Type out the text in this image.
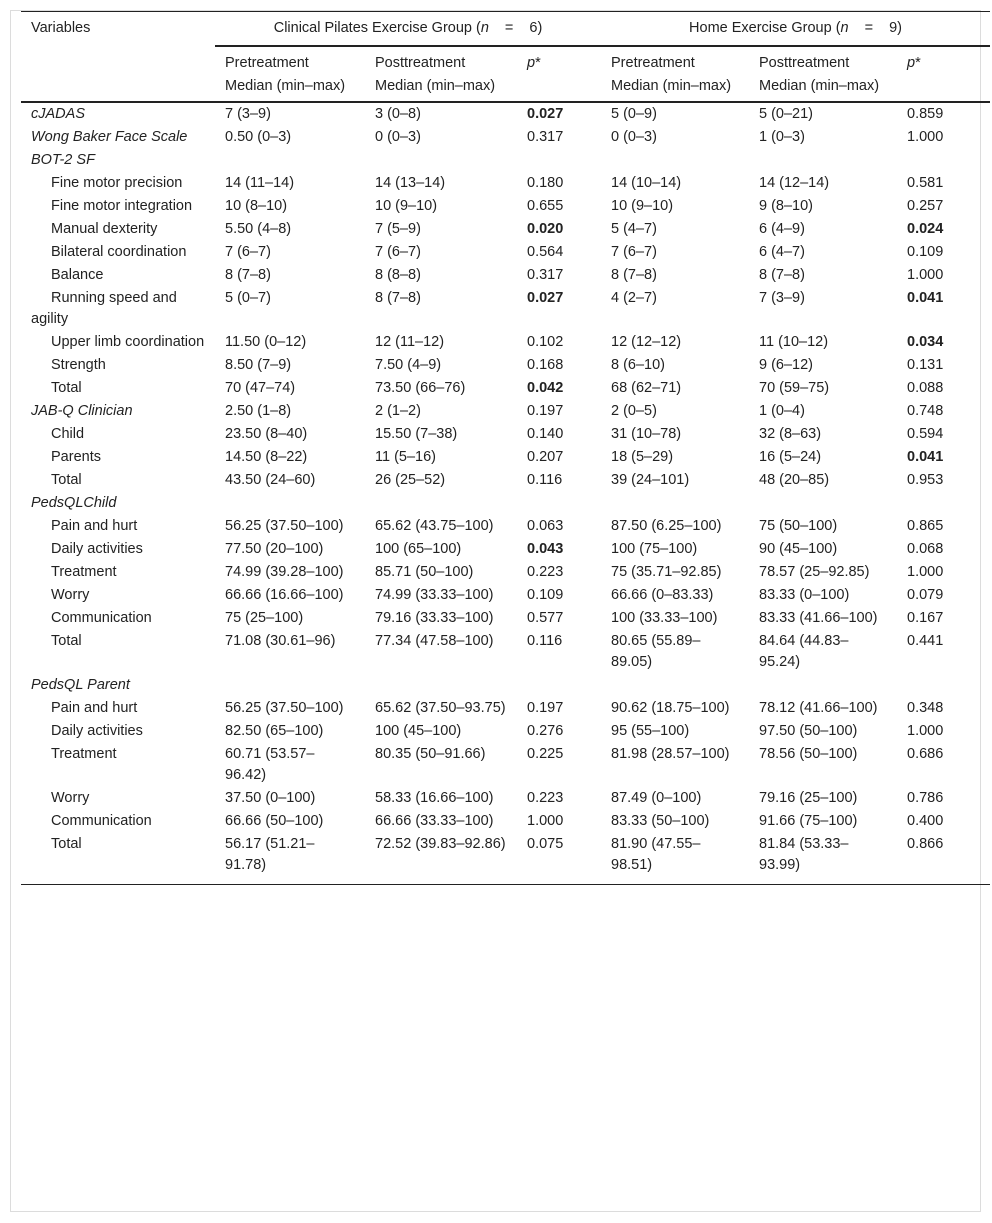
Variables	Clinical Pilates Exercise Group (n = 6)			Home Exercise Group (n = 9)		
	Pretreatment	Posttreatment	p*	Pretreatment	Posttreatment	p*
	Median (min–max)	Median (min–max)		Median (min–max)	Median (min–max)	
cJADAS	7 (3–9)	3 (0–8)	0.027	5 (0–9)	5 (0–21)	0.859
Wong Baker Face Scale	0.50 (0–3)	0 (0–3)	0.317	0 (0–3)	1 (0–3)	1.000
BOT-2 SF						
Fine motor precision	14 (11–14)	14 (13–14)	0.180	14 (10–14)	14 (12–14)	0.581
Fine motor integration	10 (8–10)	10 (9–10)	0.655	10 (9–10)	9 (8–10)	0.257
Manual dexterity	5.50 (4–8)	7 (5–9)	0.020	5 (4–7)	6 (4–9)	0.024
Bilateral coordination	7 (6–7)	7 (6–7)	0.564	7 (6–7)	6 (4–7)	0.109
Balance	8 (7–8)	8 (8–8)	0.317	8 (7–8)	8 (7–8)	1.000
Running speed and agility	5 (0–7)	8 (7–8)	0.027	4 (2–7)	7 (3–9)	0.041
Upper limb coordination	11.50 (0–12)	12 (11–12)	0.102	12 (12–12)	11 (10–12)	0.034
Strength	8.50 (7–9)	7.50 (4–9)	0.168	8 (6–10)	9 (6–12)	0.131
Total	70 (47–74)	73.50 (66–76)	0.042	68 (62–71)	70 (59–75)	0.088
JAB-Q Clinician	2.50 (1–8)	2 (1–2)	0.197	2 (0–5)	1 (0–4)	0.748
Child	23.50 (8–40)	15.50 (7–38)	0.140	31 (10–78)	32 (8–63)	0.594
Parents	14.50 (8–22)	11 (5–16)	0.207	18 (5–29)	16 (5–24)	0.041
Total	43.50 (24–60)	26 (25–52)	0.116	39 (24–101)	48 (20–85)	0.953
PedsQLChild						
Pain and hurt	56.25 (37.50–100)	65.62 (43.75–100)	0.063	87.50 (6.25–100)	75 (50–100)	0.865
Daily activities	77.50 (20–100)	100 (65–100)	0.043	100 (75–100)	90 (45–100)	0.068
Treatment	74.99 (39.28–100)	85.71 (50–100)	0.223	75 (35.71–92.85)	78.57 (25–92.85)	1.000
Worry	66.66 (16.66–100)	74.99 (33.33–100)	0.109	66.66 (0–83.33)	83.33 (0–100)	0.079
Communication	75 (25–100)	79.16 (33.33–100)	0.577	100 (33.33–100)	83.33 (41.66–100)	0.167
Total	71.08 (30.61–96)	77.34 (47.58–100)	0.116	80.65 (55.89–89.05)	84.64 (44.83–95.24)	0.441
PedsQL Parent						
Pain and hurt	56.25 (37.50–100)	65.62 (37.50–93.75)	0.197	90.62 (18.75–100)	78.12 (41.66–100)	0.348
Daily activities	82.50 (65–100)	100 (45–100)	0.276	95 (55–100)	97.50 (50–100)	1.000
Treatment	60.71 (53.57–96.42)	80.35 (50–91.66)	0.225	81.98 (28.57–100)	78.56 (50–100)	0.686
Worry	37.50 (0–100)	58.33 (16.66–100)	0.223	87.49 (0–100)	79.16 (25–100)	0.786
Communication	66.66 (50–100)	66.66 (33.33–100)	1.000	83.33 (50–100)	91.66 (75–100)	0.400
Total	56.17 (51.21–91.78)	72.52 (39.83–92.86)	0.075	81.90 (47.55–98.51)	81.84 (53.33–93.99)	0.866
